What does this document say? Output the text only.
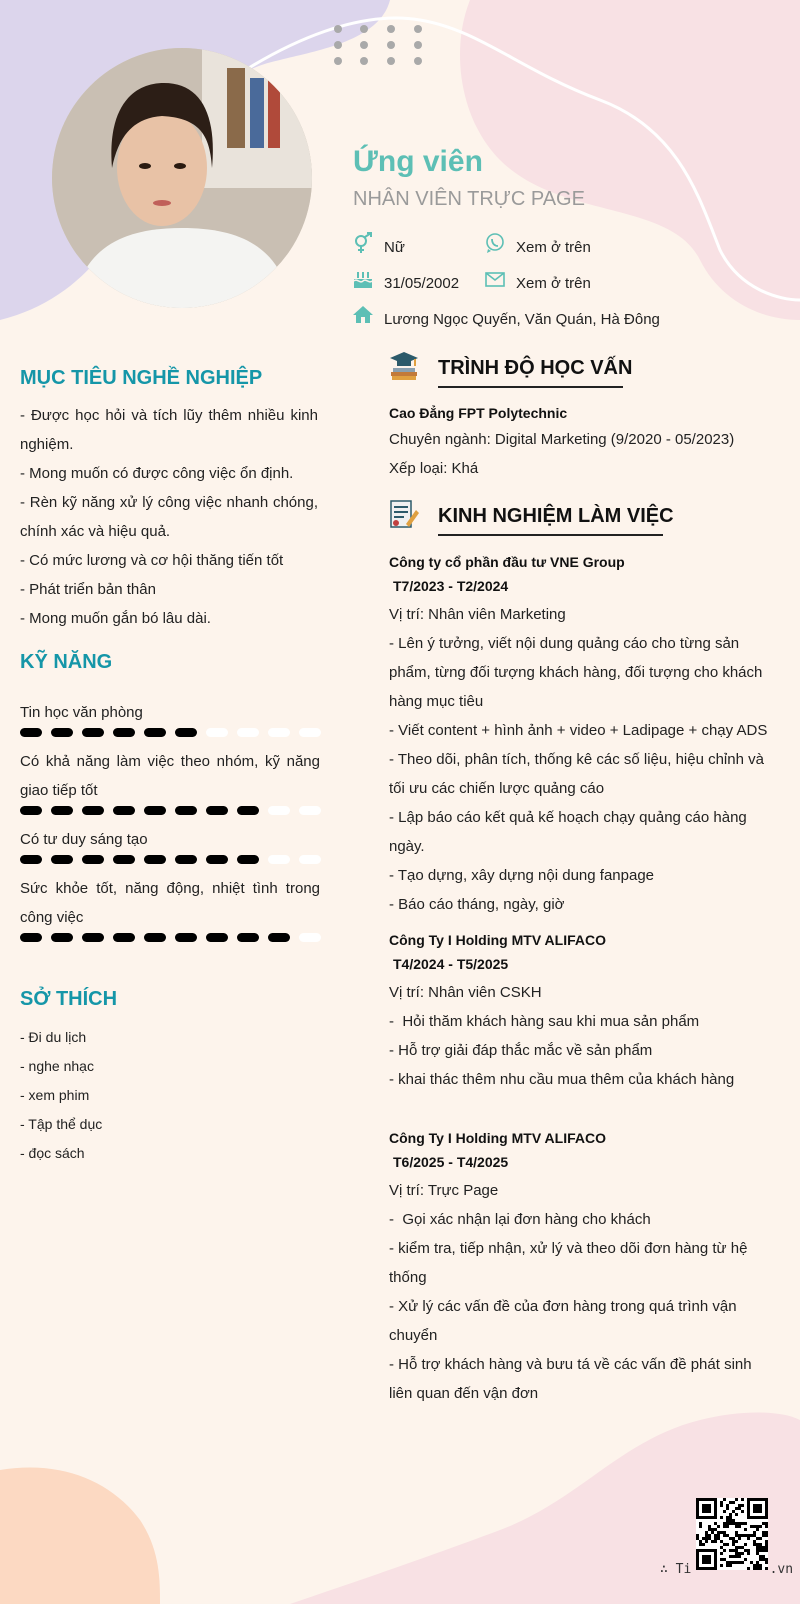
Ứng viên
NHÂN VIÊN TRỰC PAGE
Nữ	Xem ở trên
31/05/2002	Xem ở trên
Lương Ngọc Quyến, Văn Quán, Hà Đông
MỤC TIÊU NGHỀ NGHIỆP
- Được học hỏi và tích lũy thêm nhiều kinh nghiệm.
- Mong muốn có được công việc ổn định.
- Rèn kỹ năng xử lý công việc nhanh chóng, chính xác và hiệu quả.
- Có mức lương và cơ hội thăng tiến tốt
- Phát triển bản thân
- Mong muốn gắn bó lâu dài.
KỸ NĂNG
Tin học văn phòng
Có khả năng làm việc theo nhóm, kỹ năng giao tiếp tốt
Có tư duy sáng tạo
Sức khỏe tốt, năng động, nhiệt tình trong công việc
SỞ THÍCH
- Đi du lịch
- nghe nhạc
- xem phim
- Tập thể dục
- đọc sách
TRÌNH ĐỘ HỌC VẤN
Cao Đẳng FPT Polytechnic
Chuyên ngành: Digital Marketing (9/2020 - 05/2023)
Xếp loại: Khá
KINH NGHIỆM LÀM VIỆC
Công ty cổ phần đầu tư VNE Group
T7/2023 - T2/2024
Vị trí: Nhân viên Marketing
- Lên ý tưởng, viết nội dung quảng cáo cho từng sản phẩm, từng đối tượng khách hàng, đối tượng cho khách hàng mục tiêu
- Viết content + hình ảnh + video + Ladipage + chạy ADS
- Theo dõi, phân tích, thống kê các số liệu, hiệu chỉnh và tối ưu các chiến lược quảng cáo
- Lập báo cáo kết quả kế hoạch chạy quảng cáo hàng ngày.
- Tạo dựng, xây dựng nội dung fanpage
- Báo cáo tháng, ngày, giờ
Công Ty I Holding MTV ALIFACO
T4/2024 - T5/2025
Vị trí: Nhân viên CSKH
-  Hỏi thăm khách hàng sau khi mua sản phẩm
- Hỗ trợ giải đáp thắc mắc về sản phẩm
- khai thác thêm nhu cầu mua thêm của khách hàng
Công Ty I Holding MTV ALIFACO
T6/2025 - T4/2025
Vị trí: Trực Page
-  Gọi xác nhận lại đơn hàng cho khách
- kiểm tra, tiếp nhận, xử lý và theo dõi đơn hàng từ hệ thống
- Xử lý các vấn đề của đơn hàng trong quá trình vận chuyển
- Hỗ trợ khách hàng và bưu tá về các vấn đề phát sinh liên quan đến vận đơn
∴ Ti          .vn
